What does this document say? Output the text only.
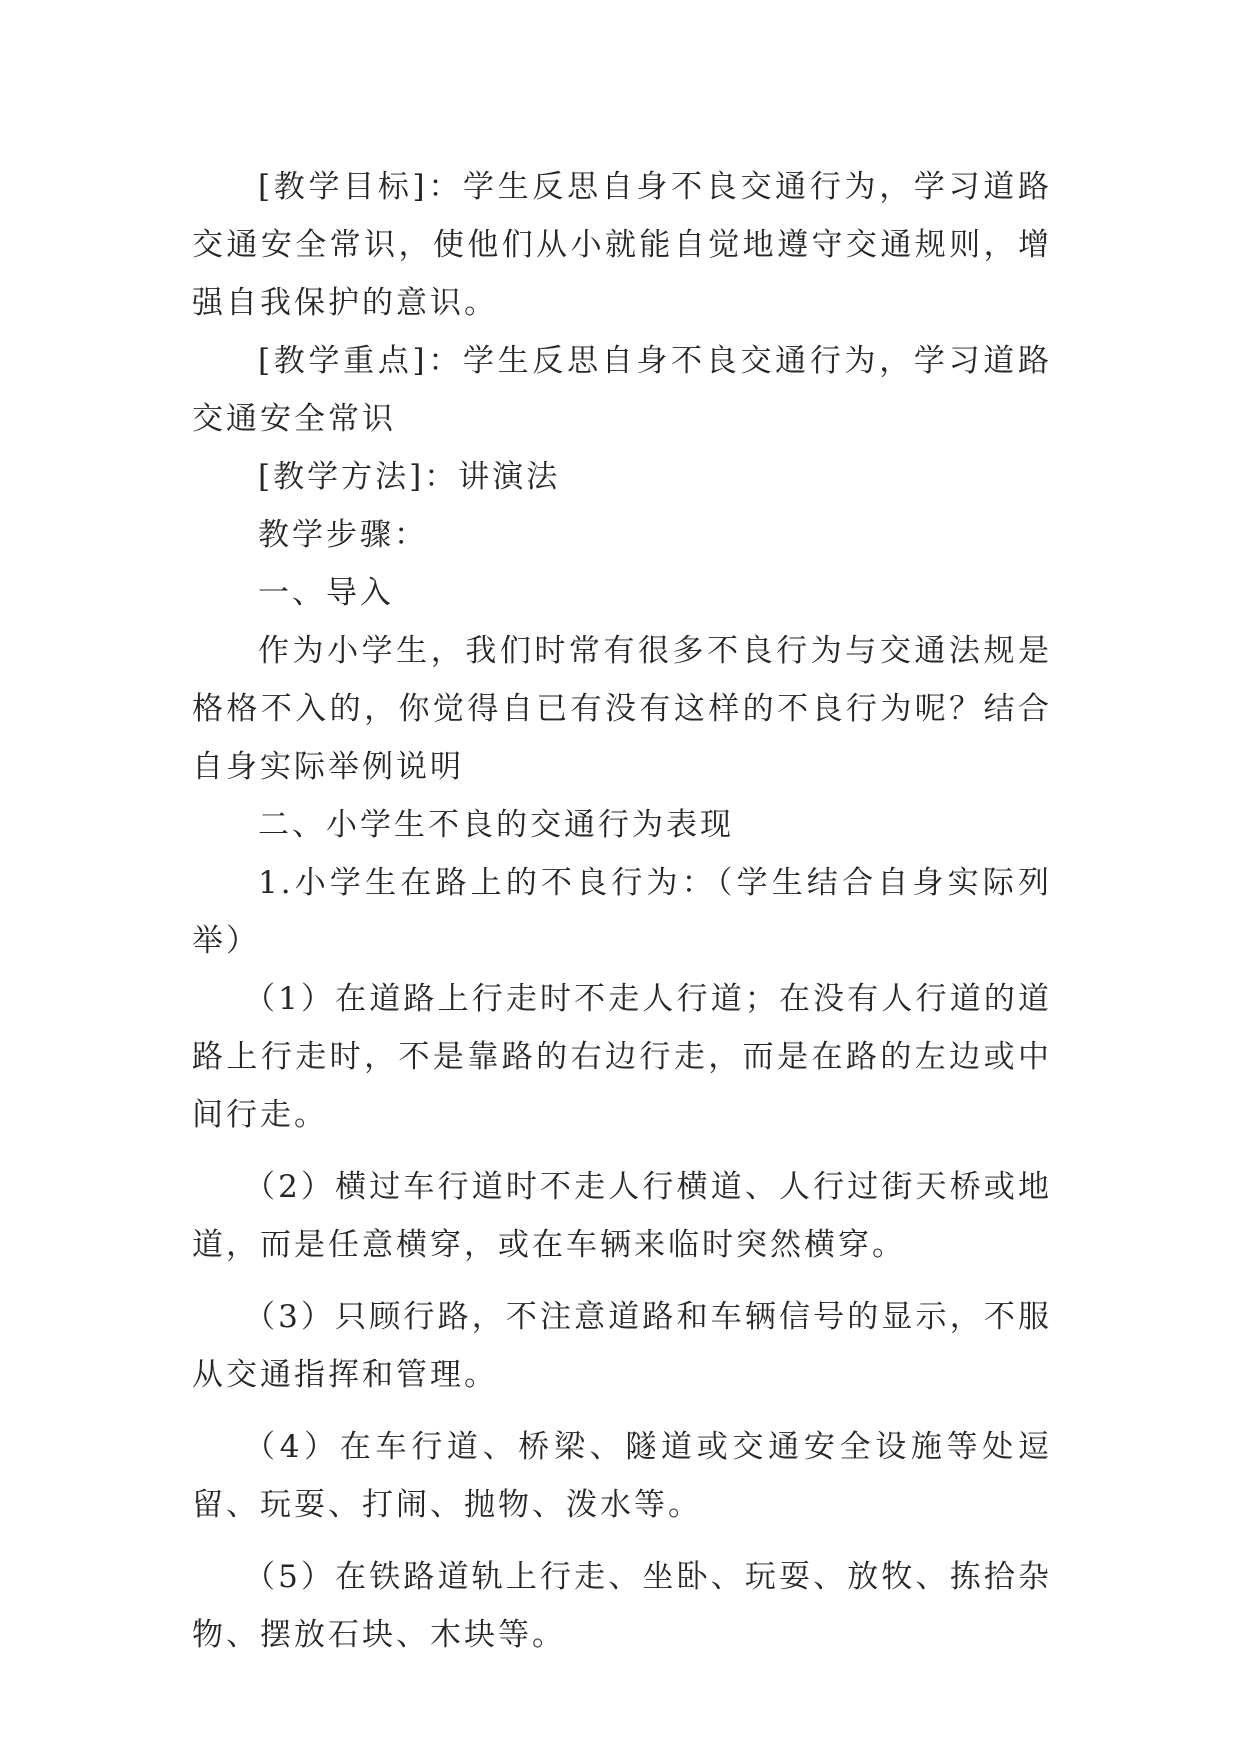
[教学目标]：学生反思自身不良交通行为，学习道路交通安全常识，使他们从小就能自觉地遵守交通规则，增强自我保护的意识。

[教学重点]：学生反思自身不良交通行为，学习道路交通安全常识

[教学方法]：讲演法

教学步骤：

一、导入

作为小学生，我们时常有很多不良行为与交通法规是格格不入的，你觉得自已有没有这样的不良行为呢？结合自身实际举例说明

二、小学生不良的交通行为表现

1.小学生在路上的不良行为：（学生结合自身实际列举）

（1）在道路上行走时不走人行道；在没有人行道的道路上行走时，不是靠路的右边行走，而是在路的左边或中间行走。

（2）横过车行道时不走人行横道、人行过街天桥或地道，而是任意横穿，或在车辆来临时突然横穿。

（3）只顾行路，不注意道路和车辆信号的显示，不服从交通指挥和管理。

（4）在车行道、桥梁、隧道或交通安全设施等处逗留、玩耍、打闹、抛物、泼水等。

（5）在铁路道轨上行走、坐卧、玩耍、放牧、拣拾杂物、摆放石块、木块等。
